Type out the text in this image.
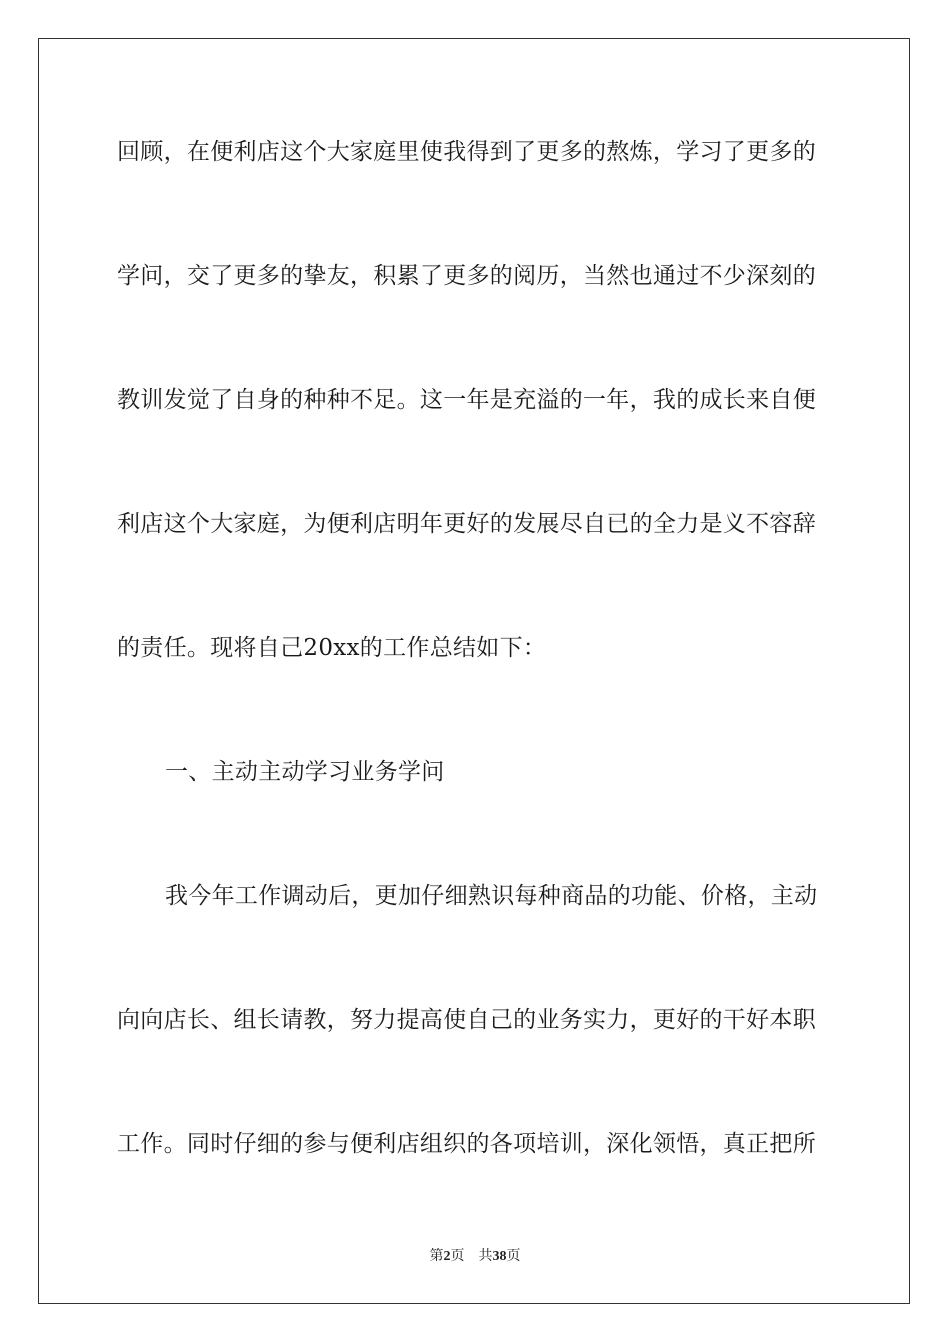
回顾，在便利店这个大家庭里使我得到了更多的熬炼，学习了更多的
学问，交了更多的挚友，积累了更多的阅历，当然也通过不少深刻的
教训发觉了自身的种种不足。这一年是充溢的一年，我的成长来自便
利店这个大家庭，为便利店明年更好的发展尽自已的全力是义不容辞
的责任。现将自己20xx的工作总结如下：
一、主动主动学习业务学问
我今年工作调动后，更加仔细熟识每种商品的功能、价格，主动
向向店长、组长请教，努力提高使自己的业务实力，更好的干好本职
工作。同时仔细的参与便利店组织的各项培训，深化领悟，真正把所
第2页 共38页
